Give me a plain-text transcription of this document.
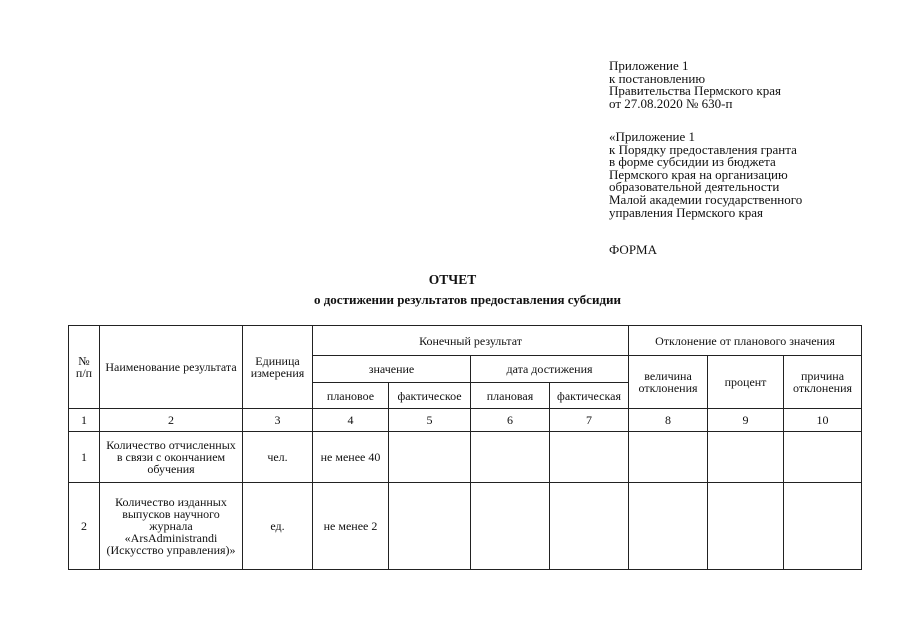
Приложение 1
к постановлению
Правительства Пермского края
от 27.08.2020 № 630-п
«Приложение 1
к Порядку предоставления гранта
в форме субсидии из бюджета
Пермского края на организацию
образовательной деятельности
Малой академии государственного
управления Пермского края
ФОРМА
ОТЧЕТ
о достижении результатов предоставления субсидии
№ п/п	Наименование результата	Единица измерения	Конечный результат				Отклонение от планового значения		
			значение		дата достижения		величина отклонения	процент	причина отклонения
			плановое	фактическое	плановая	фактическая			
1	2	3	4	5	6	7	8	9	10
1	Количество отчисленных в связи с окончанием обучения	чел.	не менее 40						
2	Количество изданных выпусков научного журнала «ArsAdministrandi (Искусство управления)»	ед.	не менее 2						
